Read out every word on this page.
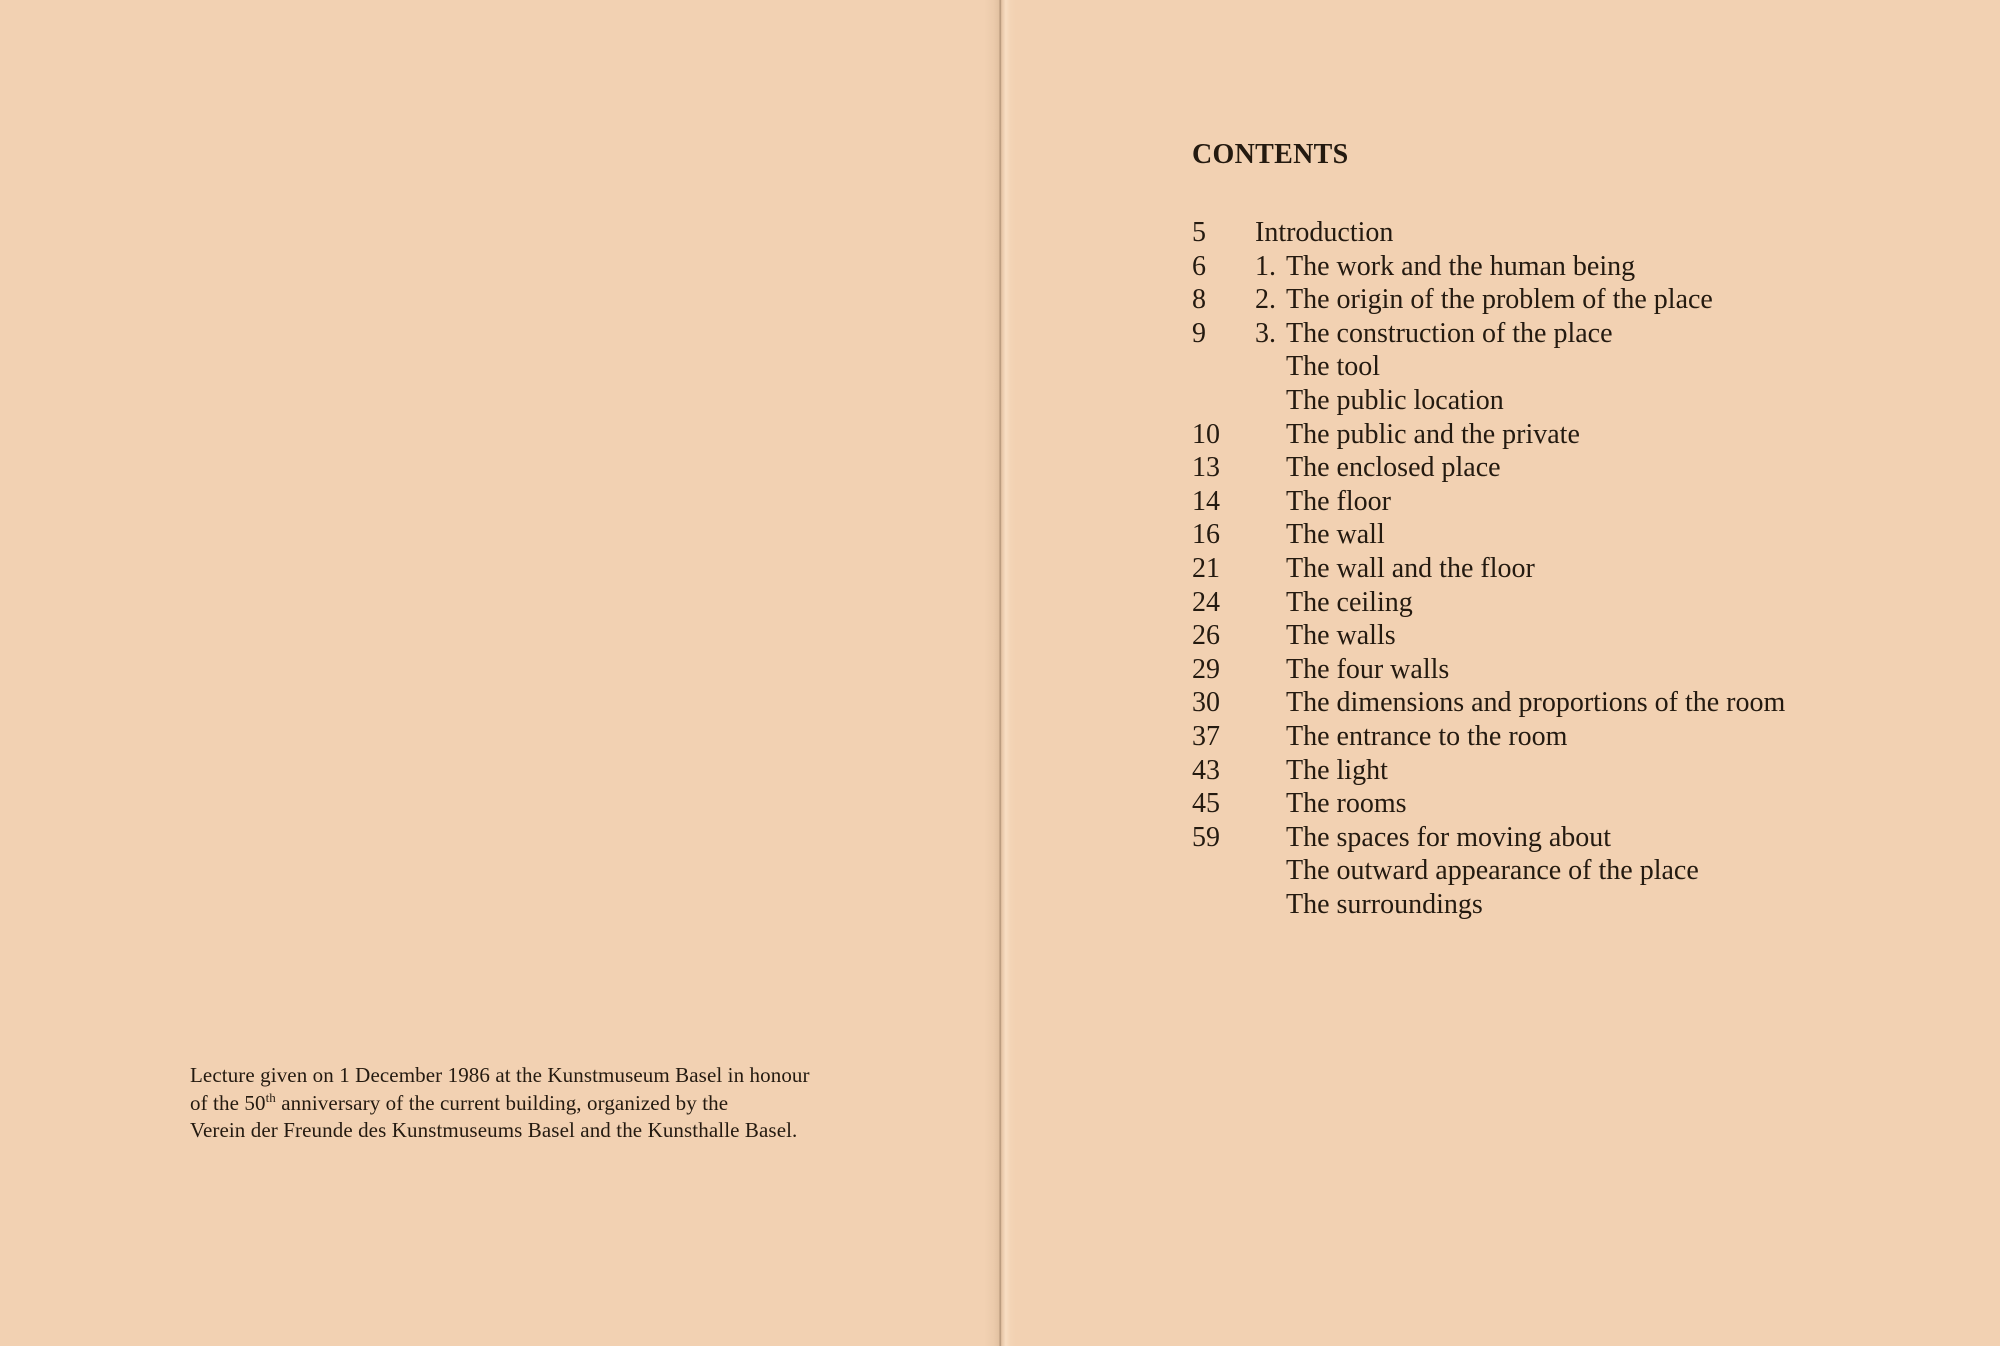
Lecture given on 1 December 1986 at the Kunstmuseum Basel in honour
of the 50th anniversary of the current building, organized by the
Verein der Freunde des Kunstmuseums Basel and the Kunsthalle Basel.
CONTENTS
5	Introduction
6	1. The work and the human being
8	2. The origin of the problem of the place
9	3. The construction of the place
The tool
The public location
10	The public and the private
13	The enclosed place
14	The floor
16	The wall
21	The wall and the floor
24	The ceiling
26	The walls
29	The four walls
30	The dimensions and proportions of the room
37	The entrance to the room
43	The light
45	The rooms
59	The spaces for moving about
The outward appearance of the place
The surroundings
